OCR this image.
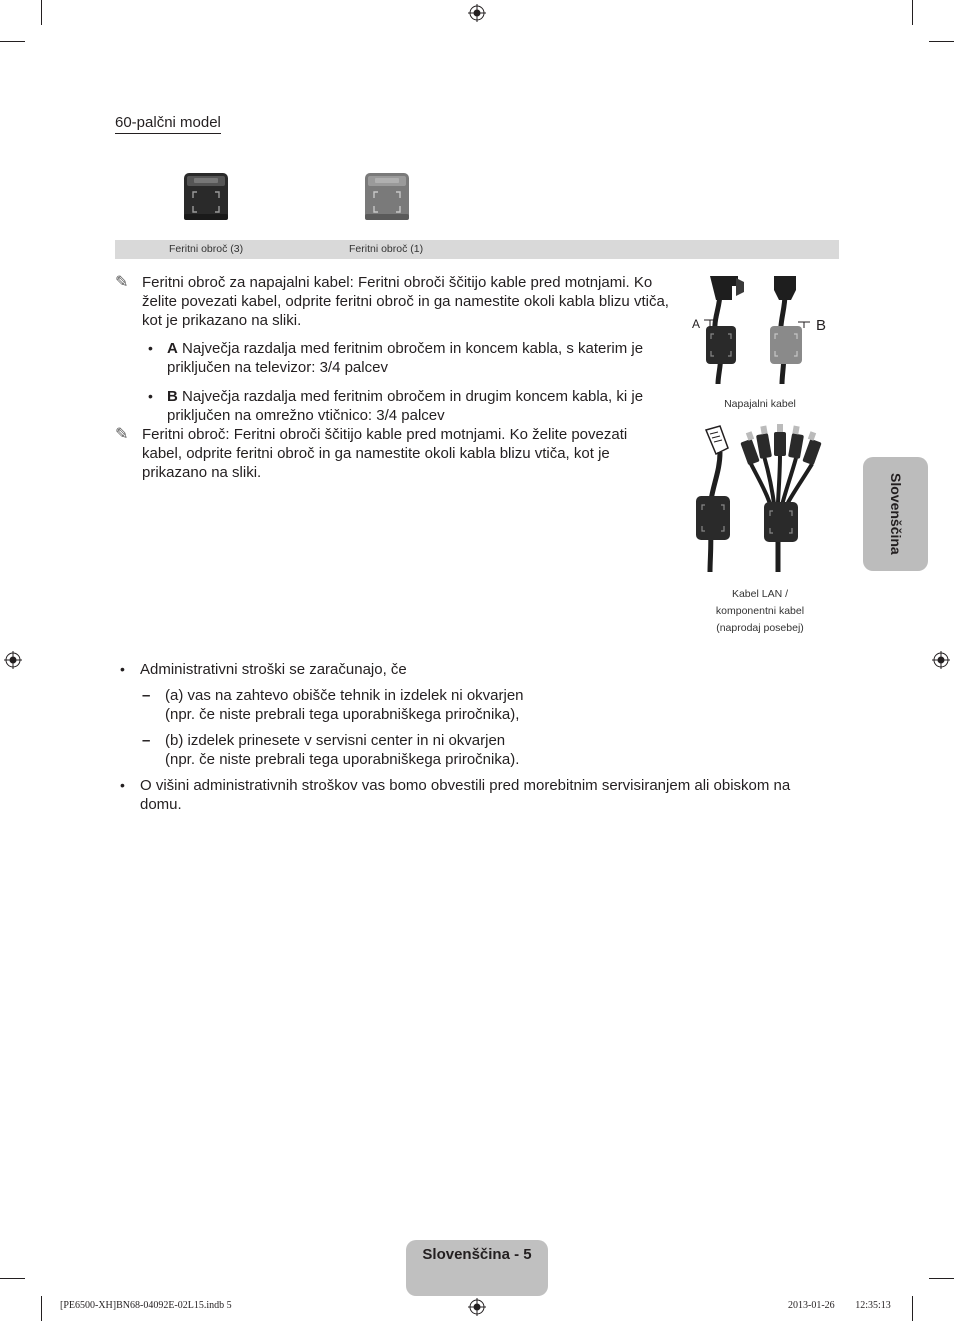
60-palčni model
Feritni obroč (3)	Feritni obroč (1)
✎ Feritni obroč za napajalni kabel: Feritni obroči ščitijo kable pred motnjami. Ko želite povezati kabel, odprite feritni obroč in ga namestite okoli kabla blizu vtiča, kot je prikazano na sliki.
• A Največja razdalja med feritnim obročem in koncem kabla, s katerim je priključen na televizor: 3/4 palcev
• B Največja razdalja med feritnim obročem in drugim koncem kabla, ki je priključen na omrežno vtičnico: 3/4 palcev
✎ Feritni obroč: Feritni obroči ščitijo kable pred motnjami. Ko želite povezati kabel, odprite feritni obroč in ga namestite okoli kabla blizu vtiča, kot je prikazano na sliki.
A	B
Napajalni kabel
Kabel LAN /
komponentni kabel
(naprodaj posebej)
Slovenščina
• Administrativni stroški se zaračunajo, če
– (a) vas na zahtevo obišče tehnik in izdelek ni okvarjen
(npr. če niste prebrali tega uporabniškega priročnika),
– (b) izdelek prinesete v servisni center in ni okvarjen
(npr. če niste prebrali tega uporabniškega priročnika).
• O višini administrativnih stroškov vas bomo obvestili pred morebitnim servisiranjem ali obiskom na domu.
Slovenščina - 5
[PE6500-XH]BN68-04092E-02L15.indb 5	2013-01-26 ￿￿ 12:35:13
